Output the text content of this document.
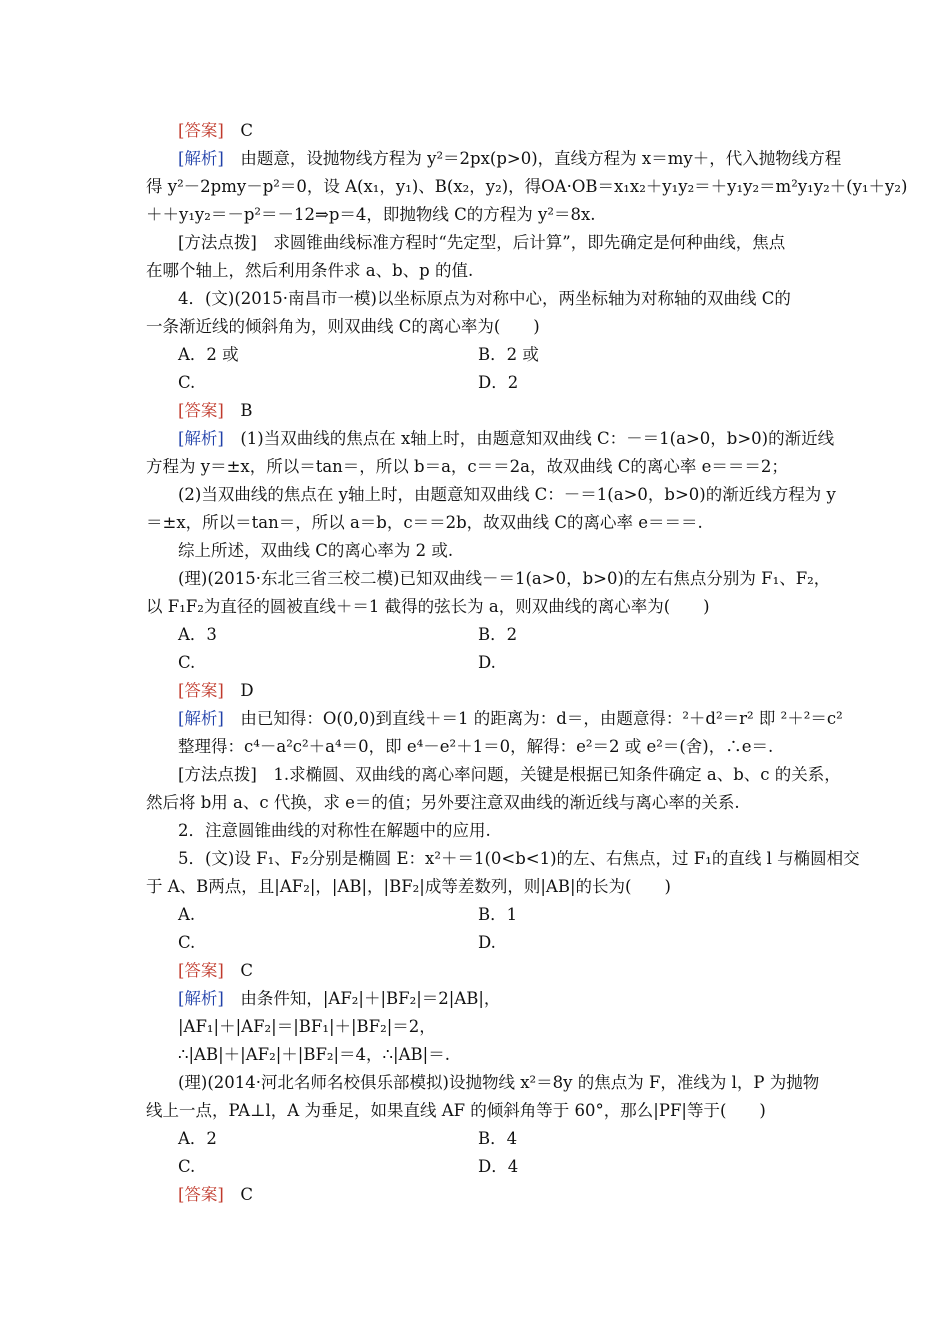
[答案]　C
[解析]　由题意，设抛物线方程为 y²＝2px(p>0)，直线方程为 x＝my＋，代入抛物线方程
得 y²－2pmy－p²＝0，设 A(x₁，y₁)、B(x₂，y₂)，得OA·OB＝x₁x₂＋y₁y₂＝＋y₁y₂＝m²y₁y₂＋(y₁＋y₂)
＋＋y₁y₂＝－p²＝－12⇒p＝4，即抛物线 C的方程为 y²＝8x.
[方法点拨]　求圆锥曲线标准方程时“先定型，后计算”，即先确定是何种曲线，焦点
在哪个轴上，然后利用条件求 a、b、p 的值.
4．(文)(2015·南昌市一模)以坐标原点为对称中心，两坐标轴为对称轴的双曲线 C的
一条渐近线的倾斜角为，则双曲线 C的离心率为(　　)
A．2 或	B．2 或
C.	D．2
[答案]　B
[解析]　(1)当双曲线的焦点在 x轴上时，由题意知双曲线 C：－＝1(a>0，b>0)的渐近线
方程为 y＝±x，所以＝tan＝，所以 b＝a，c＝＝2a，故双曲线 C的离心率 e＝＝＝2；
(2)当双曲线的焦点在 y轴上时，由题意知双曲线 C：－＝1(a>0，b>0)的渐近线方程为 y
＝±x，所以＝tan＝，所以 a＝b，c＝＝2b，故双曲线 C的离心率 e＝＝＝.
综上所述，双曲线 C的离心率为 2 或.
(理)(2015·东北三省三校二模)已知双曲线－＝1(a>0，b>0)的左右焦点分别为 F₁、F₂，
以 F₁F₂为直径的圆被直线＋＝1 截得的弦长为 a，则双曲线的离心率为(　　)
A．3	B．2
C.	D.
[答案]　D
[解析]　由已知得：O(0,0)到直线＋＝1 的距离为：d＝，由题意得：²＋d²＝r² 即 ²＋²＝c²
整理得：c⁴－a²c²＋a⁴＝0，即 e⁴－e²＋1＝0，解得：e²＝2 或 e²＝(舍)，∴e＝.
[方法点拨]　1.求椭圆、双曲线的离心率问题，关键是根据已知条件确定 a、b、c 的关系，
然后将 b用 a、c 代换，求 e＝的值；另外要注意双曲线的渐近线与离心率的关系.
2．注意圆锥曲线的对称性在解题中的应用.
5．(文)设 F₁、F₂分别是椭圆 E：x²＋＝1(0<b<1)的左、右焦点，过 F₁的直线 l 与椭圆相交
于 A、B两点，且|AF₂|，|AB|，|BF₂|成等差数列，则|AB|的长为(　　)
A.	B．1
C.	D.
[答案]　C
[解析]　由条件知，|AF₂|＋|BF₂|＝2|AB|，
|AF₁|＋|AF₂|＝|BF₁|＋|BF₂|＝2，
∴|AB|＋|AF₂|＋|BF₂|＝4，∴|AB|＝.
(理)(2014·河北名师名校俱乐部模拟)设抛物线 x²＝8y 的焦点为 F，准线为 l，P 为抛物
线上一点，PA⊥l，A 为垂足，如果直线 AF 的倾斜角等于 60°，那么|PF|等于(　　)
A．2	B．4
C.	D．4
[答案]　C
